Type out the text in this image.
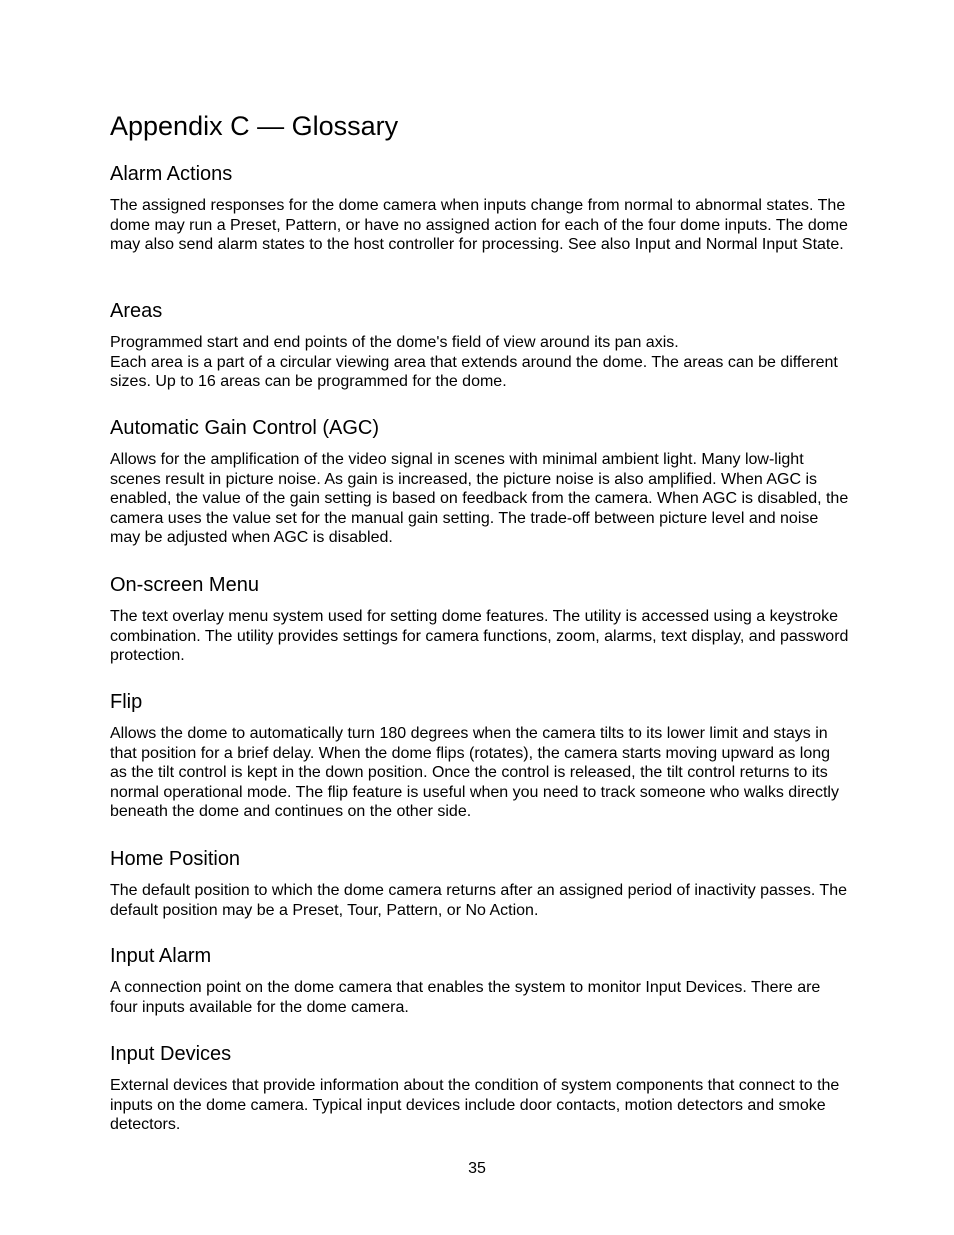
Appendix C — Glossary
Alarm Actions

The assigned responses for the dome camera when inputs change from normal to abnormal states. The dome may run a Preset, Pattern, or have no assigned action for each of the four dome inputs. The dome may also send alarm states to the host controller for processing. See also Input and Normal Input State.

Areas

Programmed start and end points of the dome's field of view around its pan axis.

Each area is a part of a circular viewing area that extends around the dome. The areas can be different sizes. Up to 16 areas can be programmed for the dome.

Automatic Gain Control (AGC)

Allows for the amplification of the video signal in scenes with minimal ambient light. Many low-light scenes result in picture noise. As gain is increased, the picture noise is also amplified. When AGC is enabled, the value of the gain setting is based on feedback from the camera. When AGC is disabled, the camera uses the value set for the manual gain setting. The trade-off between picture level and noise may be adjusted when AGC is disabled.

On-screen Menu

The text overlay menu system used for setting dome features. The utility is accessed using a keystroke combination. The utility provides settings for camera functions, zoom, alarms, text display, and password protection.

Flip

Allows the dome to automatically turn 180 degrees when the camera tilts to its lower limit and stays in that position for a brief delay. When the dome flips (rotates), the camera starts moving upward as long as the tilt control is kept in the down position. Once the control is released, the tilt control returns to its normal operational mode. The flip feature is useful when you need to track someone who walks directly beneath the dome and continues on the other side.

Home Position

The default position to which the dome camera returns after an assigned period of inactivity passes. The default position may be a Preset, Tour, Pattern, or No Action.

Input Alarm

A connection point on the dome camera that enables the system to monitor Input Devices. There are four inputs available for the dome camera.

Input Devices

External devices that provide information about the condition of system components that connect to the inputs on the dome camera. Typical input devices include door contacts, motion detectors and smoke detectors.

35
